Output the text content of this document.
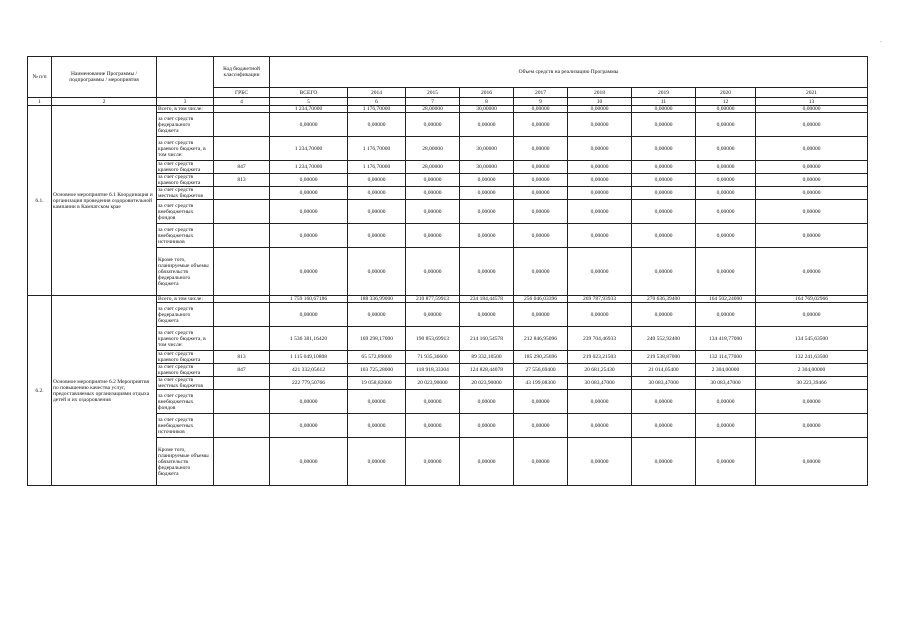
№ п/п	Наименование Программы / подпрограммы / мероприятия		Код бюджетной классификации	Объем средств на реализацию Программы								
			ГРБС	ВСЕГО	2014	2015	2016	2017	2018	2019	2020	2021
1	2	3	4	5	6	7	8	9	10	11	12	13
6.1.	Основное мероприятие 6.1 Координация и организация проведения оздоровительной кампании в Камчатском крае	Всего, в том числе:		1 234,70000	1 176,70000	28,00000	30,00000	0,00000	0,00000	0,00000	0,00000	0,00000
		за счет средств федерального бюджета		0,00000	0,00000	0,00000	0,00000	0,00000	0,00000	0,00000	0,00000	0,00000
		за счет средств краевого бюджета, в том числе:		1 234,70000	1 176,70000	28,00000	30,00000	0,00000	0,00000	0,00000	0,00000	0,00000
		за счет средств краевого бюджета	847	1 234,70000	1 176,70000	28,00000	30,00000	0,00000	0,00000	0,00000	0,00000	0,00000
		за счет средств краевого бюджета	813	0,00000	0,00000	0,00000	0,00000	0,00000	0,00000	0,00000	0,00000	0,00000
		за счет средств местных бюджетов		0,00000	0,00000	0,00000	0,00000	0,00000	0,00000	0,00000	0,00000	0,00000
		за счет средств внебюджетных фондов		0,00000	0,00000	0,00000	0,00000	0,00000	0,00000	0,00000	0,00000	0,00000
		за счет средств внебюджетных источников		0,00000	0,00000	0,00000	0,00000	0,00000	0,00000	0,00000	0,00000	0,00000
		Кроме того, планируемые объемы обязательств федерального бюджета		0,00000	0,00000	0,00000	0,00000	0,00000	0,00000	0,00000	0,00000	0,00000
6.2.	Основное мероприятие 6.2 Мероприятия по повышению качества услуг, предоставляемых организациями отдыха детей и их оздоровления	Всего, в том числе:		1 759 160,67186	188 336,99000	210 877,59913	234 184,44578	256 046,03396	269 787,93933	270 636,39400	164 502,24000	164 769,02966
		за счет средств федерального бюджета		0,00000	0,00000	0,00000	0,00000	0,00000	0,00000	0,00000	0,00000	0,00000
		за счет средств краевого бюджета, в том числе:		1 536 381,16420	169 298,17000	190 853,69913	214 160,54578	212 846,95096	239 704,46933	240 552,92400	134 418,77000	134 545,63500
		за счет средств краевого бюджета	813	1 115 049,10808	65 572,89000	71 935,36600	89 332,10500	185 290,25696	219 023,21503	219 538,87000	132 114,77000	132 241,63500
		за счет средств краевого бюджета	847	421 332,05612	103 725,28000	118 918,33304	124 828,44078	27 556,69400	20 681,25430	21 014,05400	2 304,00000	2 304,00000
		за счет средств местных бюджетов		222 779,50766	19 058,82000	20 023,90000	20 023,90000	43 199,08300	30 083,47000	30 083,47000	30 083,47000	30 223,39466
		за счет средств внебюджетных фондов		0,00000	0,00000	0,00000	0,00000	0,00000	0,00000	0,00000	0,00000	0,00000
		за счет средств внебюджетных источников		0,00000	0,00000	0,00000	0,00000	0,00000	0,00000	0,00000	0,00000	0,00000
		Кроме того, планируемые объемы обязательств федерального бюджета		0,00000	0,00000	0,00000	0,00000	0,00000	0,00000	0,00000	0,00000	0,00000
·
